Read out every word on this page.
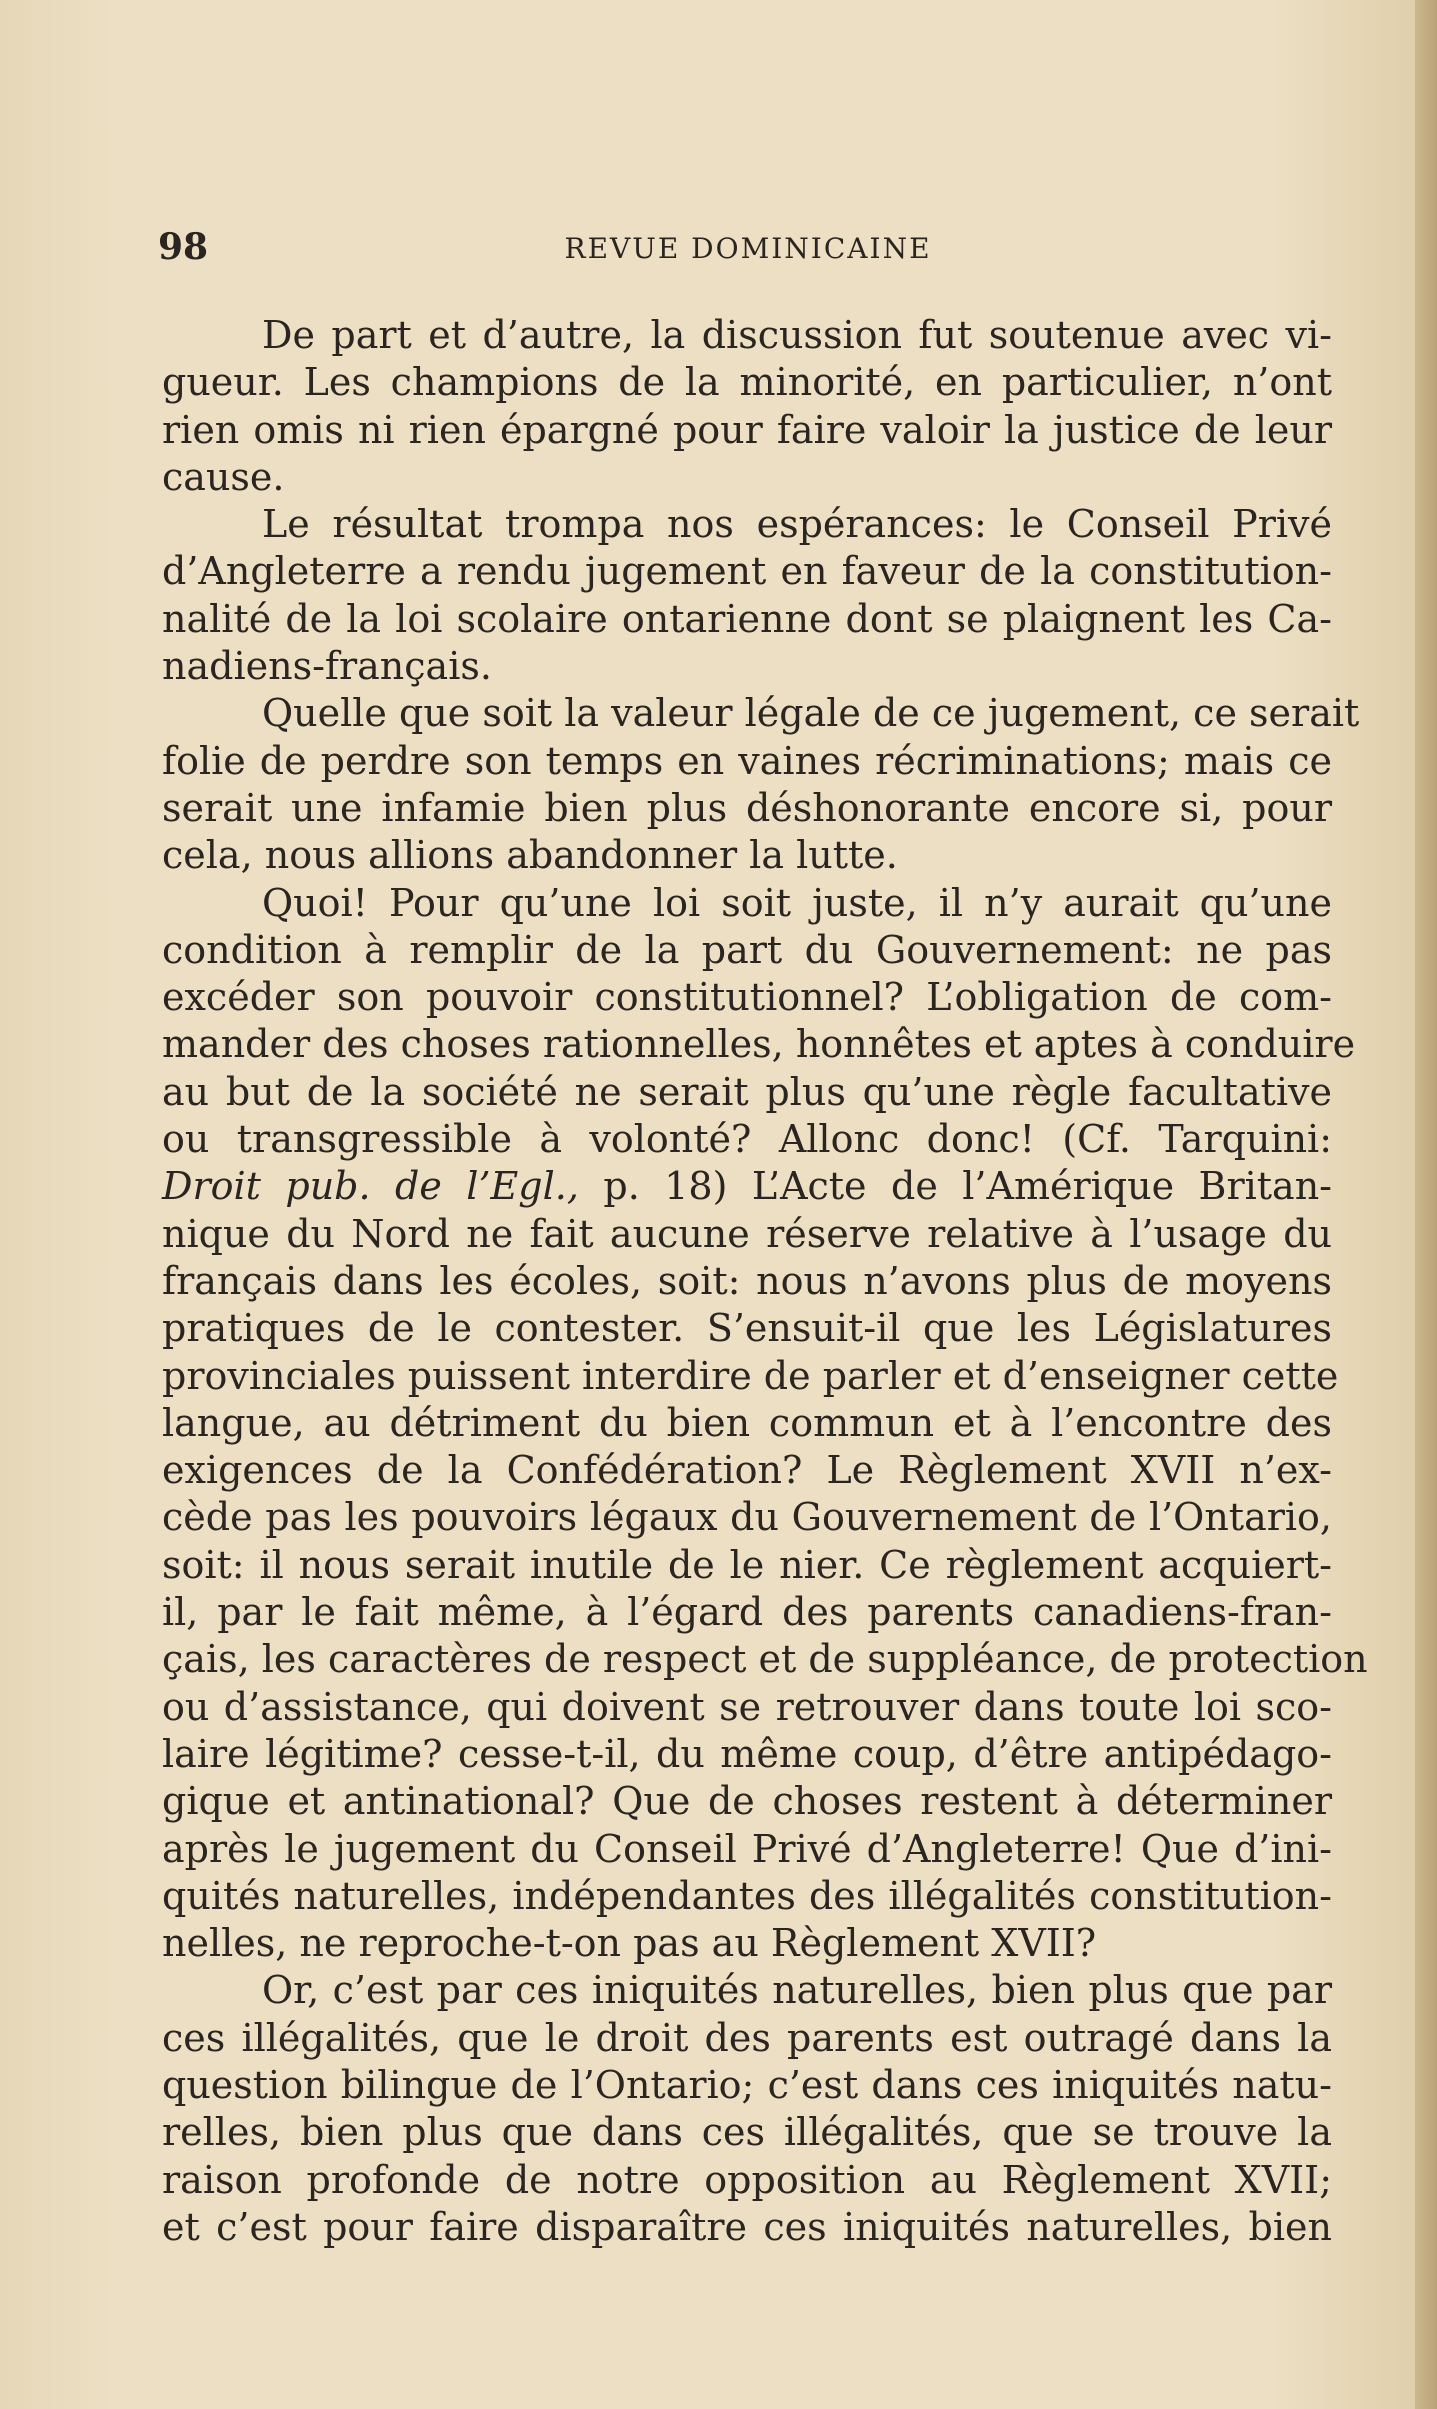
98	REVUE DOMINICAINE
De part et d’autre, la discussion fut soutenue avec vi-
gueur. Les champions de la minorité, en particulier, n’ont
rien omis ni rien épargné pour faire valoir la justice de leur
cause.
Le résultat trompa nos espérances: le Conseil Privé
d’Angleterre a rendu jugement en faveur de la constitution-
nalité de la loi scolaire ontarienne dont se plaignent les Ca-
nadiens-français.
Quelle que soit la valeur légale de ce jugement, ce serait
folie de perdre son temps en vaines récriminations; mais ce
serait une infamie bien plus déshonorante encore si, pour
cela, nous allions abandonner la lutte.
Quoi! Pour qu’une loi soit juste, il n’y aurait qu’une
condition à remplir de la part du Gouvernement: ne pas
excéder son pouvoir constitutionnel? L’obligation de com-
mander des choses rationnelles, honnêtes et aptes à conduire
au but de la société ne serait plus qu’une règle facultative
ou transgressible à volonté? Allonc donc! (Cf. Tarquini:
Droit pub. de l’Egl., p. 18) L’Acte de l’Amérique Britan-
nique du Nord ne fait aucune réserve relative à l’usage du
français dans les écoles, soit: nous n’avons plus de moyens
pratiques de le contester. S’ensuit-il que les Législatures
provinciales puissent interdire de parler et d’enseigner cette
langue, au détriment du bien commun et à l’encontre des
exigences de la Confédération? Le Règlement XVII n’ex-
cède pas les pouvoirs légaux du Gouvernement de l’Ontario,
soit: il nous serait inutile de le nier. Ce règlement acquiert-
il, par le fait même, à l’égard des parents canadiens-fran-
çais, les caractères de respect et de suppléance, de protection
ou d’assistance, qui doivent se retrouver dans toute loi sco-
laire légitime? cesse-t-il, du même coup, d’être antipédago-
gique et antinational? Que de choses restent à déterminer
après le jugement du Conseil Privé d’Angleterre! Que d’ini-
quités naturelles, indépendantes des illégalités constitution-
nelles, ne reproche-t-on pas au Règlement XVII?
Or, c’est par ces iniquités naturelles, bien plus que par
ces illégalités, que le droit des parents est outragé dans la
question bilingue de l’Ontario; c’est dans ces iniquités natu-
relles, bien plus que dans ces illégalités, que se trouve la
raison profonde de notre opposition au Règlement XVII;
et c’est pour faire disparaître ces iniquités naturelles, bien
